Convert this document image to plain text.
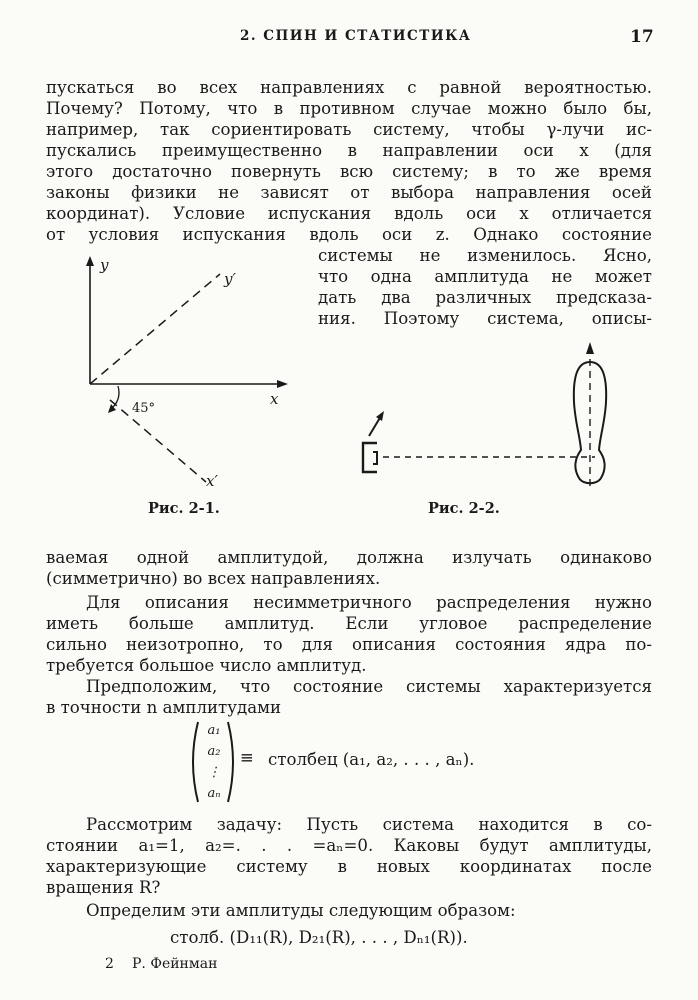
2. СПИН И СТАТИСТИКА	17
пускаться во всех направлениях с равной вероятностью.
Почему? Потому, что в противном случае можно было бы,
например, так сориентировать систему, чтобы γ-лучи ис-
пускались преимущественно в направлении оси x (для
этого достаточно повернуть всю систему; в то же время
законы физики не зависят от выбора направления осей
координат). Условие испускания вдоль оси x отличается
от условия испускания вдоль оси z. Однако состояние
системы не изменилось. Ясно,
что одна амплитуда не может
дать два различных предсказа-
ния. Поэтому система, описы-
y
y′
x
x′
45°
Рис. 2-1.	Рис. 2-2.
ваемая одной амплитудой, должна излучать одинаково
(симметрично) во всех направлениях.
Для описания несимметричного распределения нужно
иметь больше амплитуд. Если угловое распределение
сильно неизотропно, то для описания состояния ядра по-
требуется большое число амплитуд.
Предположим, что состояние системы характеризуется
в точности n амплитудами
a₁
a₂
⋮
aₙ
≡ столбец (a₁, a₂, . . . , aₙ).
Рассмотрим задачу: Пусть система находится в со-
стоянии a₁=1, a₂=. . . =aₙ=0. Каковы будут амплитуды,
характеризующие систему в новых координатах после
вращения R?
Определим эти амплитуды следующим образом:
столб. (D₁₁(R), D₂₁(R), . . . , Dₙ₁(R)).
2 Р. Фейнман
